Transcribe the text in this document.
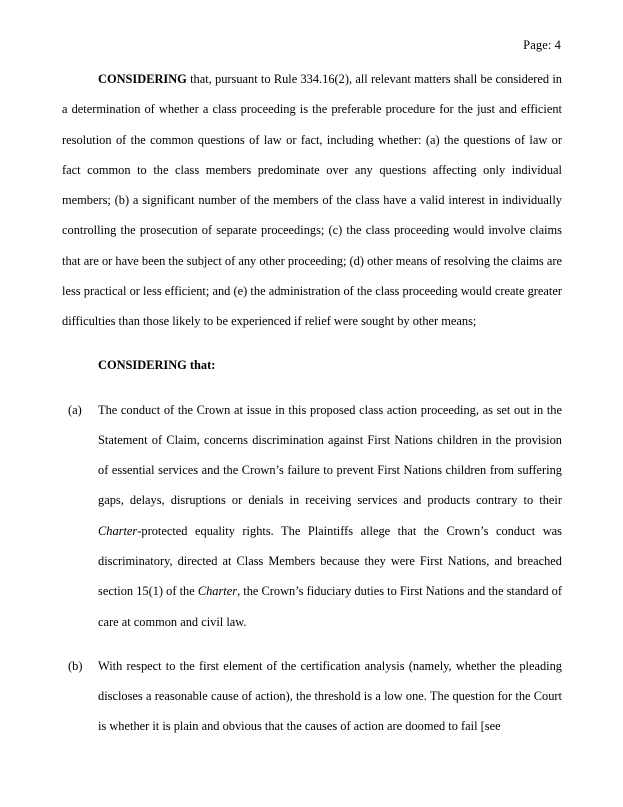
Page: 4

CONSIDERING that, pursuant to Rule 334.16(2), all relevant matters shall be considered in a determination of whether a class proceeding is the preferable procedure for the just and efficient resolution of the common questions of law or fact, including whether: (a) the questions of law or fact common to the class members predominate over any questions affecting only individual members; (b) a significant number of the members of the class have a valid interest in individually controlling the prosecution of separate proceedings; (c) the class proceeding would involve claims that are or have been the subject of any other proceeding; (d) other means of resolving the claims are less practical or less efficient; and (e) the administration of the class proceeding would create greater difficulties than those likely to be experienced if relief were sought by other means;

CONSIDERING that:
(a)	The conduct of the Crown at issue in this proposed class action proceeding, as set out in the Statement of Claim, concerns discrimination against First Nations children in the provision of essential services and the Crown’s failure to prevent First Nations children from suffering gaps, delays, disruptions or denials in receiving services and products contrary to their Charter-protected equality rights. The Plaintiffs allege that the Crown’s conduct was discriminatory, directed at Class Members because they were First Nations, and breached section 15(1) of the Charter, the Crown’s fiduciary duties to First Nations and the standard of care at common and civil law.
(b)	With respect to the first element of the certification analysis (namely, whether the pleading discloses a reasonable cause of action), the threshold is a low one. The question for the Court is whether it is plain and obvious that the causes of action are doomed to fail [see
